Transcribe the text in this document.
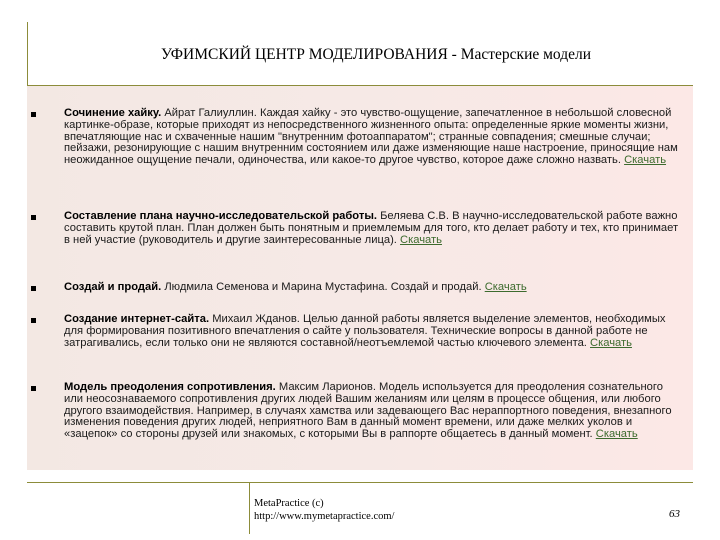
УФИМСКИЙ ЦЕНТР МОДЕЛИРОВАНИЯ - Мастерские модели
Сочинение хайку. Айрат Галиуллин. Каждая хайку - это чувство-ощущение, запечатленное в небольшой словесной картинке-образе, которые приходят из непосредственного жизненного опыта: определенные яркие моменты жизни, впечатляющие нас и схваченные нашим "внутренним фотоаппаратом"; странные совпадения; смешные случаи; пейзажи, резонирующие с нашим внутренним состоянием или даже изменяющие наше настроение, приносящие нам неожиданное ощущение печали, одиночества, или какое-то другое чувство, которое даже сложно назвать. Скачать
Составление плана научно-исследовательской работы. Беляева С.В. В научно-исследовательской работе важно составить крутой план. План должен быть понятным и приемлемым для того, кто делает работу и тех, кто принимает в ней участие (руководитель и другие заинтересованные лица). Скачать
Создай и продай. Людмила Семенова и Марина Мустафина. Создай и продай. Скачать
Создание интернет-сайта. Михаил Жданов. Целью данной работы является выделение элементов, необходимых для формирования позитивного впечатления о сайте у пользователя. Технические вопросы в данной работе не затрагивались, если только они не являются составной/неотъемлемой частью ключевого элемента. Скачать
Модель преодоления сопротивления. Максим Ларионов. Модель используется для преодоления сознательного или неосознаваемого сопротивления других людей Вашим желаниям или целям в процессе общения, или любого другого взаимодействия. Например, в случаях хамства или задевающего Вас нераппортного поведения, внезапного изменения поведения других людей, неприятного Вам в данный момент времени, или даже мелких уколов и «зацепок» со стороны друзей или знакомых, с которыми Вы в раппорте общаетесь в данный момент. Скачать
MetaPractice (c)
http://www.mymetapractice.com/	63
